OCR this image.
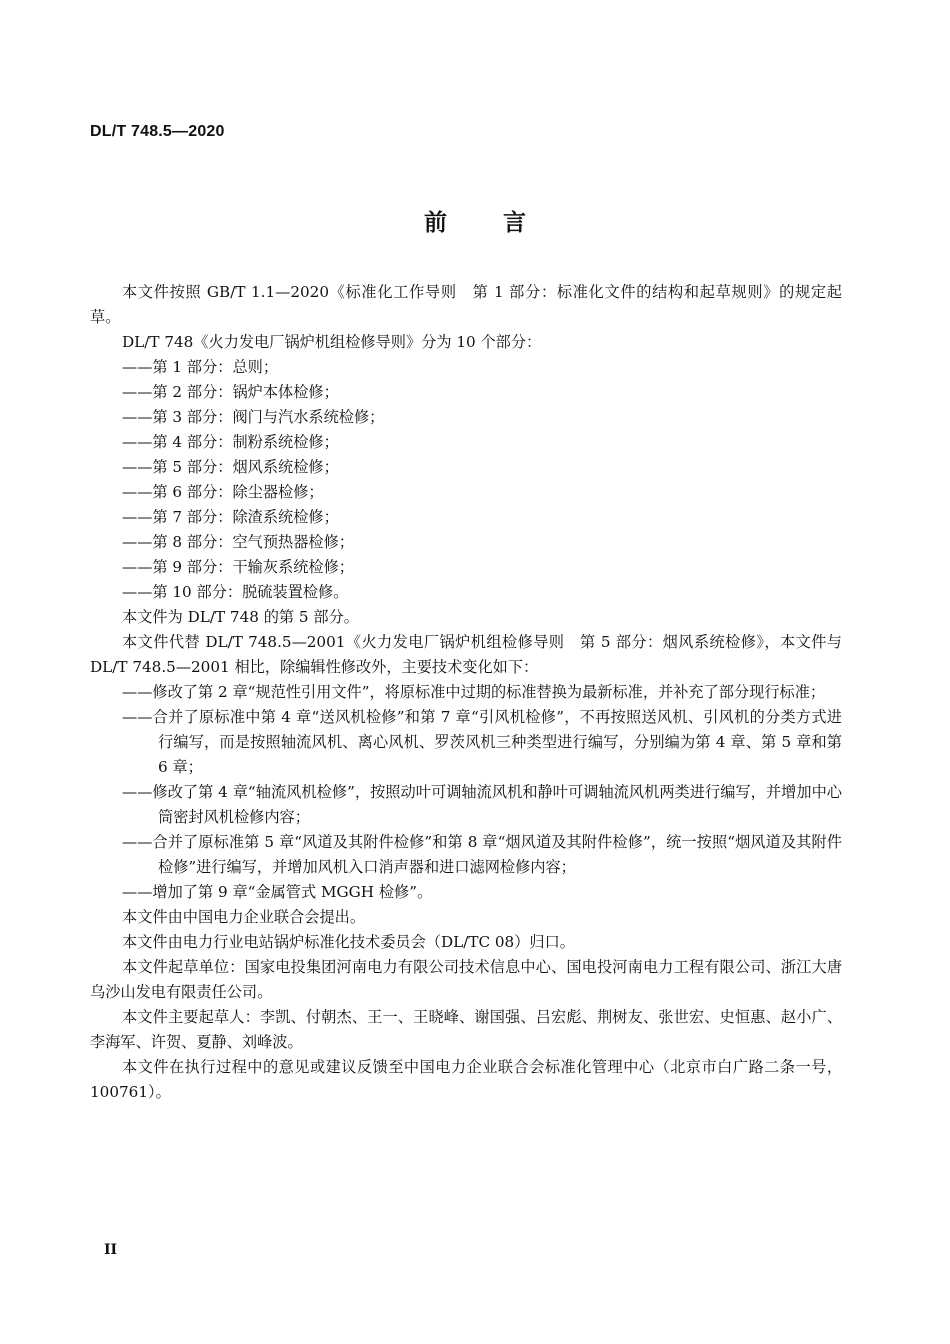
DL/T 748.5—2020
前 言

本文件按照 GB/T 1.1—2020《标准化工作导则　第 1 部分：标准化文件的结构和起草规则》的规定起草。

DL/T 748《火力发电厂锅炉机组检修导则》分为 10 个部分：

——第 1 部分：总则；

——第 2 部分：锅炉本体检修；

——第 3 部分：阀门与汽水系统检修；

——第 4 部分：制粉系统检修；

——第 5 部分：烟风系统检修；

——第 6 部分：除尘器检修；

——第 7 部分：除渣系统检修；

——第 8 部分：空气预热器检修；

——第 9 部分：干输灰系统检修；

——第 10 部分：脱硫装置检修。

本文件为 DL/T 748 的第 5 部分。

本文件代替 DL/T 748.5—2001《火力发电厂锅炉机组检修导则　第 5 部分：烟风系统检修》，本文件与 DL/T 748.5—2001 相比，除编辑性修改外，主要技术变化如下：

——修改了第 2 章“规范性引用文件”，将原标准中过期的标准替换为最新标准，并补充了部分现行标准；

——合并了原标准中第 4 章“送风机检修”和第 7 章“引风机检修”，不再按照送风机、引风机的分类方式进行编写，而是按照轴流风机、离心风机、罗茨风机三种类型进行编写，分别编为第 4 章、第 5 章和第 6 章；

——修改了第 4 章“轴流风机检修”，按照动叶可调轴流风机和静叶可调轴流风机两类进行编写，并增加中心筒密封风机检修内容；

——合并了原标准第 5 章“风道及其附件检修”和第 8 章“烟风道及其附件检修”，统一按照“烟风道及其附件检修”进行编写，并增加风机入口消声器和进口滤网检修内容；

——增加了第 9 章“金属管式 MGGH 检修”。

本文件由中国电力企业联合会提出。

本文件由电力行业电站锅炉标准化技术委员会（DL/TC 08）归口。

本文件起草单位：国家电投集团河南电力有限公司技术信息中心、国电投河南电力工程有限公司、浙江大唐乌沙山发电有限责任公司。

本文件主要起草人：李凯、付朝杰、王一、王晓峰、谢国强、吕宏彪、荆树友、张世宏、史恒惠、赵小广、李海军、许贺、夏静、刘峰波。

本文件在执行过程中的意见或建议反馈至中国电力企业联合会标准化管理中心（北京市白广路二条一号，100761）。

II
